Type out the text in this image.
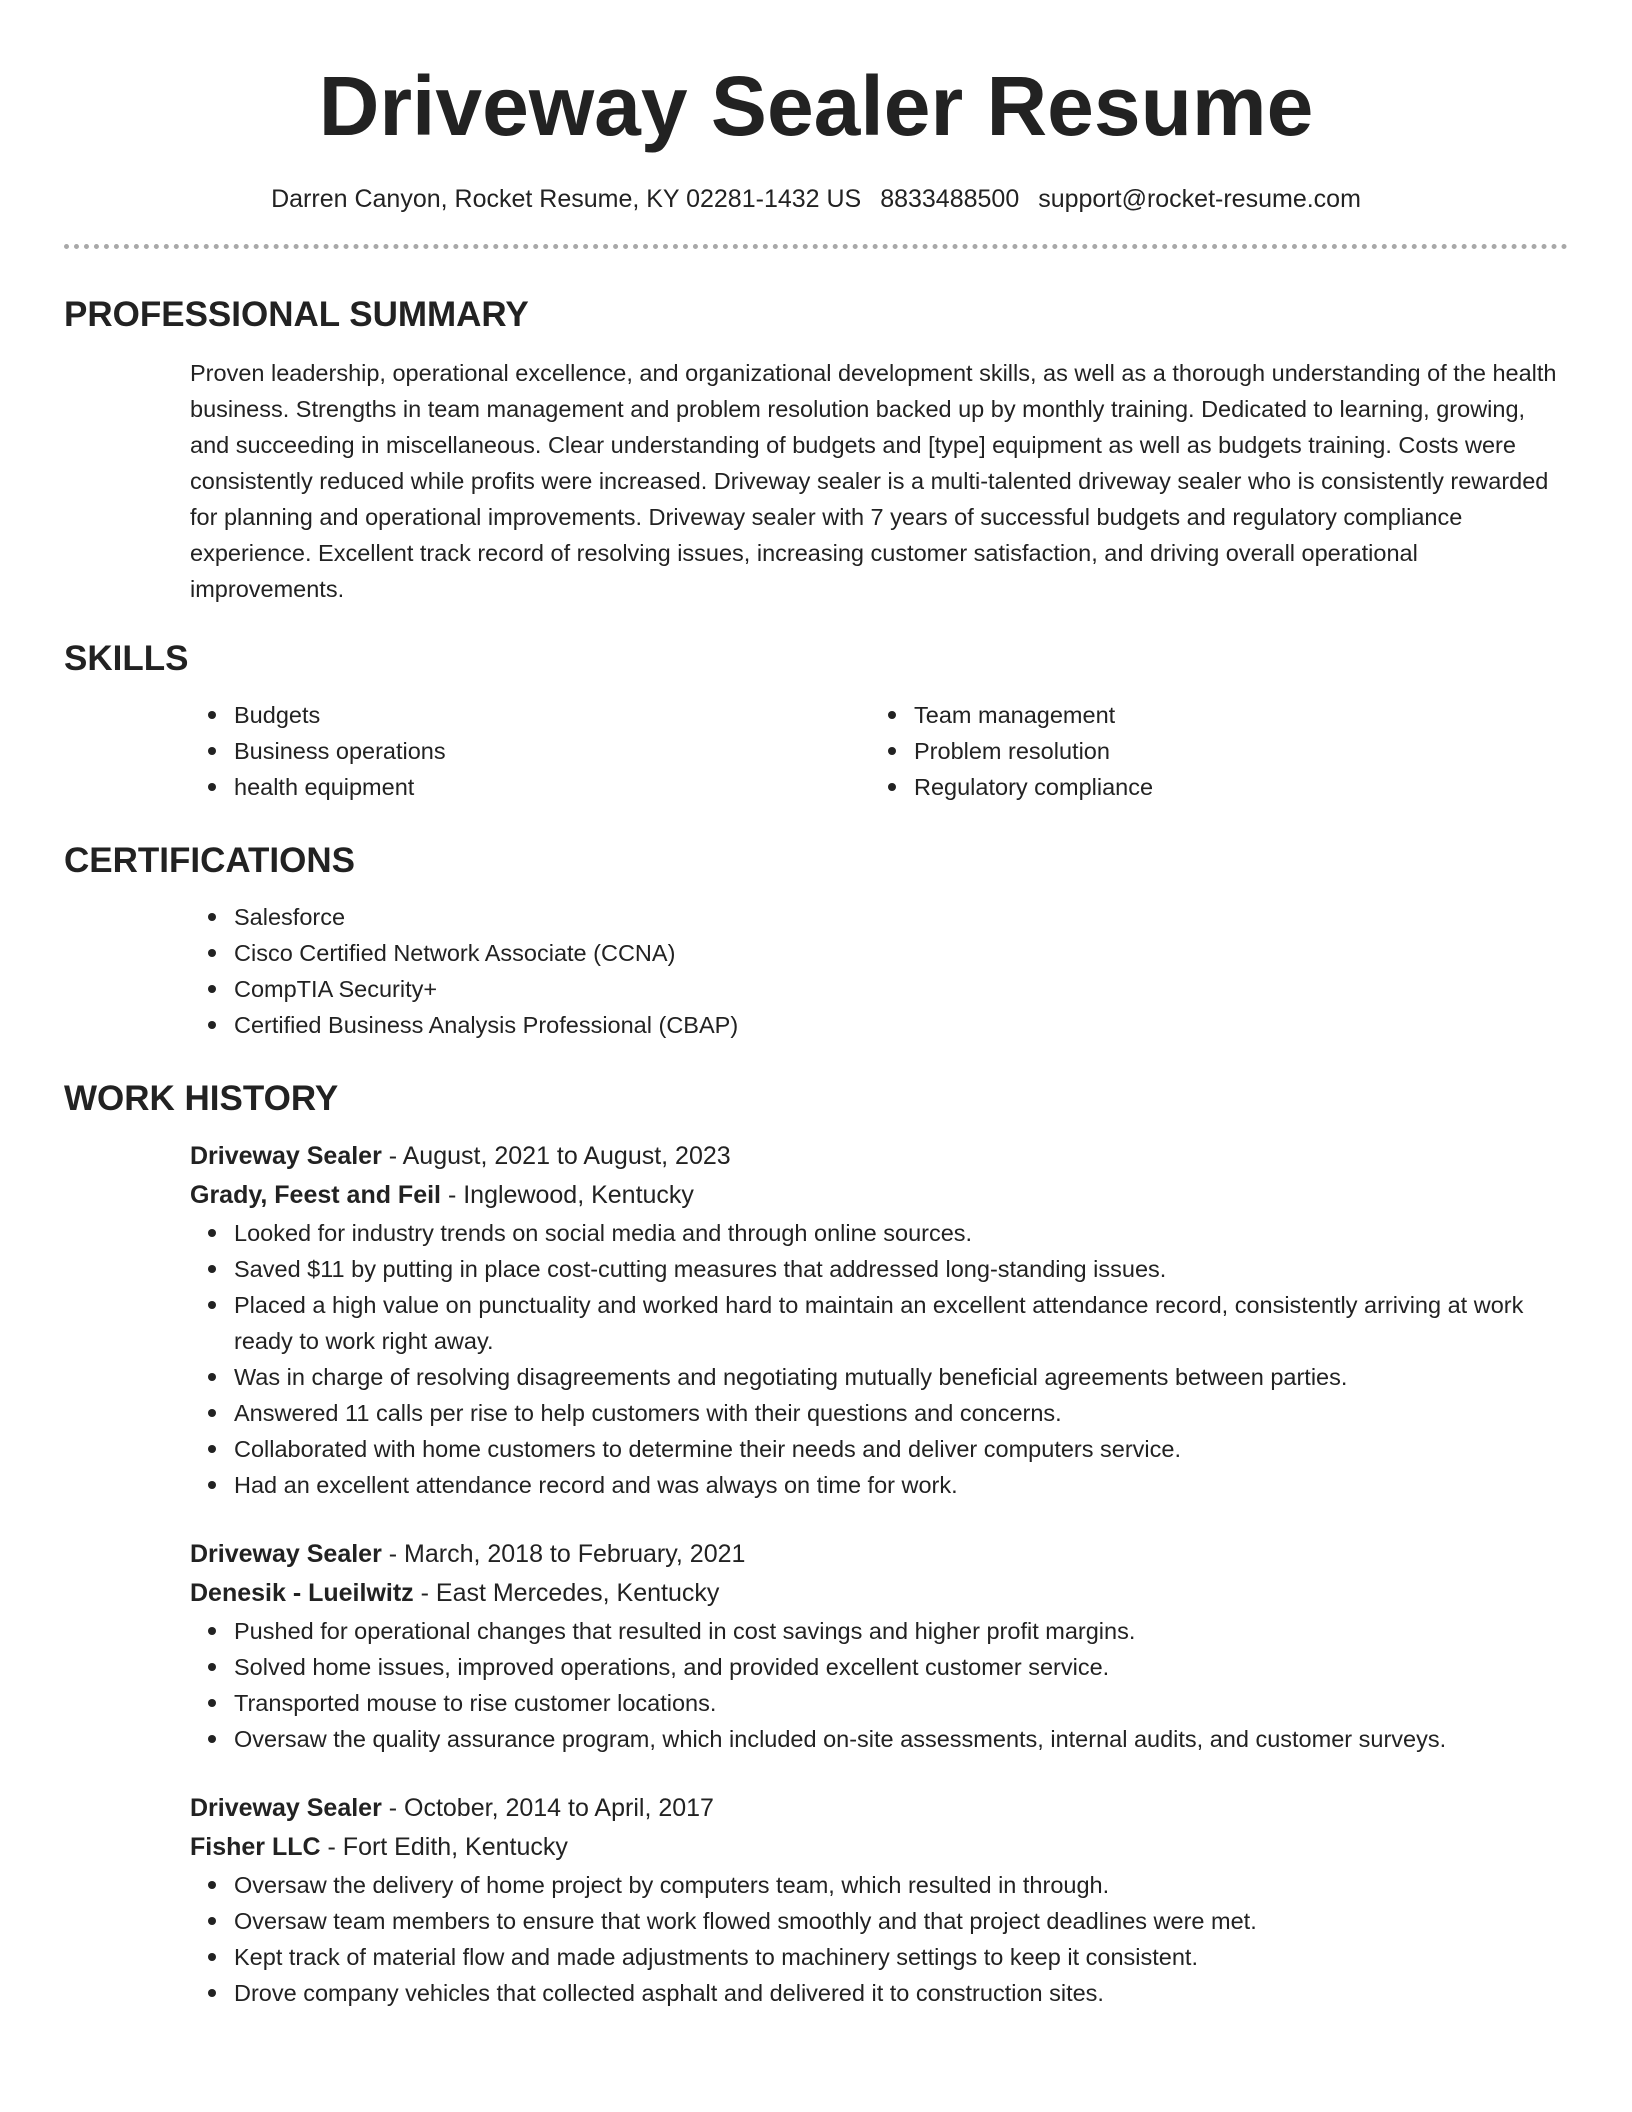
Driveway Sealer Resume
Darren Canyon, Rocket Resume, KY 02281-1432 US 8833488500 support@rocket-resume.com
PROFESSIONAL SUMMARY
Proven leadership, operational excellence, and organizational development skills, as well as a thorough understanding of the health business. Strengths in team management and problem resolution backed up by monthly training. Dedicated to learning, growing, and succeeding in miscellaneous. Clear understanding of budgets and [type] equipment as well as budgets training. Costs were consistently reduced while profits were increased. Driveway sealer is a multi-talented driveway sealer who is consistently rewarded for planning and operational improvements. Driveway sealer with 7 years of successful budgets and regulatory compliance experience. Excellent track record of resolving issues, increasing customer satisfaction, and driving overall operational improvements.
SKILLS
Budgets
Business operations
health equipment
Team management
Problem resolution
Regulatory compliance
CERTIFICATIONS
Salesforce
Cisco Certified Network Associate (CCNA)
CompTIA Security+
Certified Business Analysis Professional (CBAP)
WORK HISTORY
Driveway Sealer - August, 2021 to August, 2023
Grady, Feest and Feil - Inglewood, Kentucky
Looked for industry trends on social media and through online sources.
Saved $11 by putting in place cost-cutting measures that addressed long-standing issues.
Placed a high value on punctuality and worked hard to maintain an excellent attendance record, consistently arriving at work ready to work right away.
Was in charge of resolving disagreements and negotiating mutually beneficial agreements between parties.
Answered 11 calls per rise to help customers with their questions and concerns.
Collaborated with home customers to determine their needs and deliver computers service.
Had an excellent attendance record and was always on time for work.
Driveway Sealer - March, 2018 to February, 2021
Denesik - Lueilwitz - East Mercedes, Kentucky
Pushed for operational changes that resulted in cost savings and higher profit margins.
Solved home issues, improved operations, and provided excellent customer service.
Transported mouse to rise customer locations.
Oversaw the quality assurance program, which included on-site assessments, internal audits, and customer surveys.
Driveway Sealer - October, 2014 to April, 2017
Fisher LLC - Fort Edith, Kentucky
Oversaw the delivery of home project by computers team, which resulted in through.
Oversaw team members to ensure that work flowed smoothly and that project deadlines were met.
Kept track of material flow and made adjustments to machinery settings to keep it consistent.
Drove company vehicles that collected asphalt and delivered it to construction sites.
